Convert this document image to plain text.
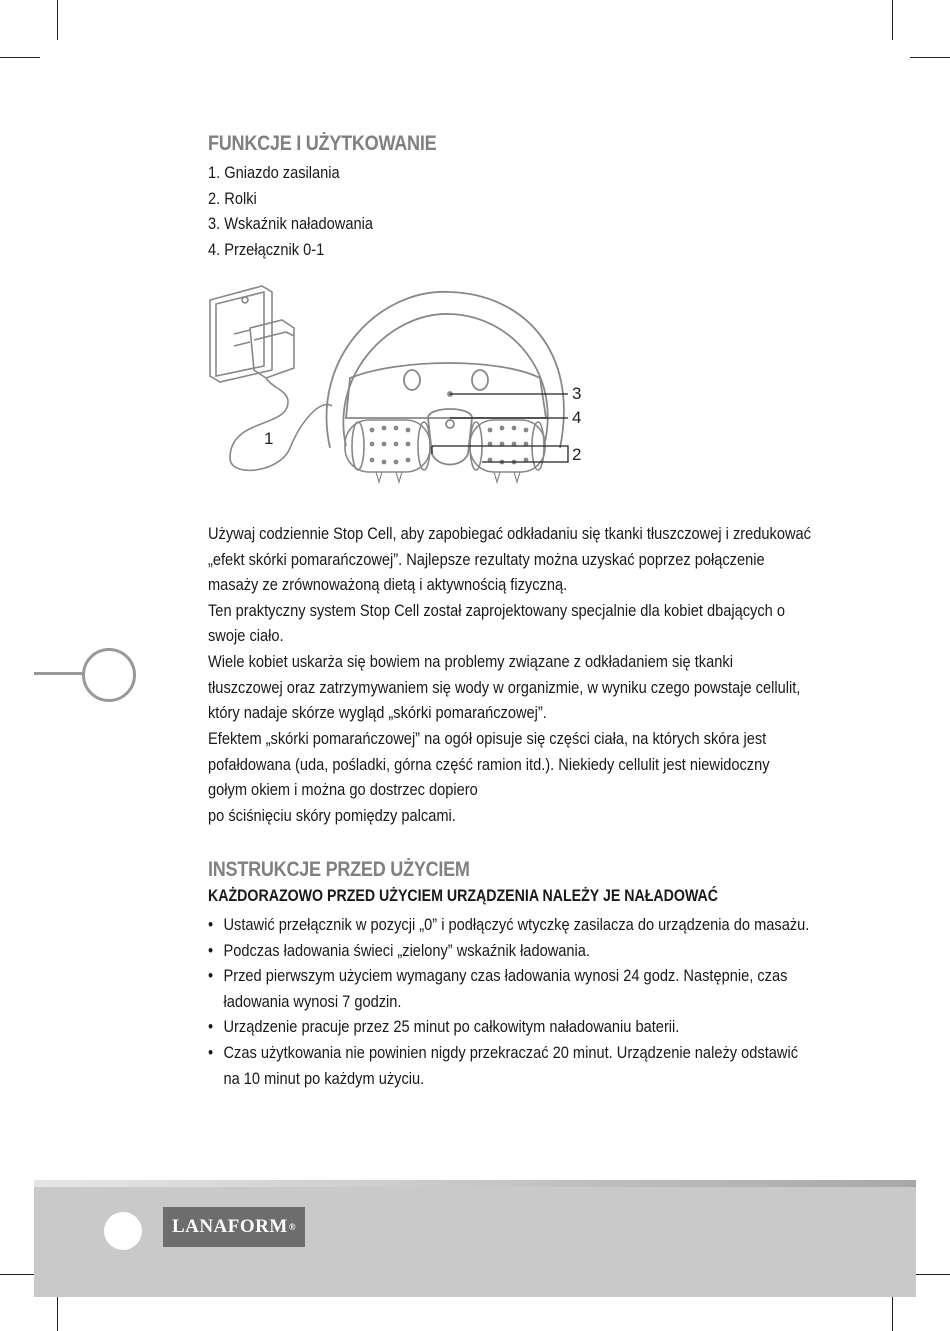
FUNKCJE I UŻYTKOWANIE
1. Gniazdo zasilania
2. Rolki
3. Wskaźnik naładowania
4. Przełącznik 0-1
1
2
3
4

Używaj codziennie Stop Cell, aby zapobiegać odkładaniu się tkanki tłuszczowej i zredukować

„efekt skórki pomarańczowej”. Najlepsze rezultaty można uzyskać poprzez połączenie

masaży ze zrównoważoną dietą i aktywnością fizyczną.

Ten praktyczny system Stop Cell został zaprojektowany specjalnie dla kobiet dbających o

swoje ciało.

Wiele kobiet uskarża się bowiem na problemy związane z odkładaniem się tkanki

tłuszczowej oraz zatrzymywaniem się wody w organizmie, w wyniku czego powstaje cellulit,

który nadaje skórze wygląd „skórki pomarańczowej”.

Efektem „skórki pomarańczowej” na ogół opisuje się części ciała, na których skóra jest

pofałdowana (uda, pośladki, górna część ramion itd.). Niekiedy cellulit jest niewidoczny

gołym okiem i można go dostrzec dopiero

po ściśnięciu skóry pomiędzy palcami.

INSTRUKCJE PRZED UŻYCIEM

KAŻDORAZOWO PRZED UŻYCIEM URZĄDZENIA NALEŻY JE NAŁADOWAĆ

• Ustawić przełącznik w pozycji „0” i podłączyć wtyczkę zasilacza do urządzenia do masażu.
• Podczas ładowania świeci „zielony” wskaźnik ładowania.
• Przed pierwszym użyciem wymagany czas ładowania wynosi 24 godz. Następnie, czas
ładowania wynosi 7 godzin.
• Urządzenie pracuje przez 25 minut po całkowitym naładowaniu baterii.
• Czas użytkowania nie powinien nigdy przekraczać 20 minut. Urządzenie należy odstawić
na 10 minut po każdym użyciu.
LANAFORM ®
